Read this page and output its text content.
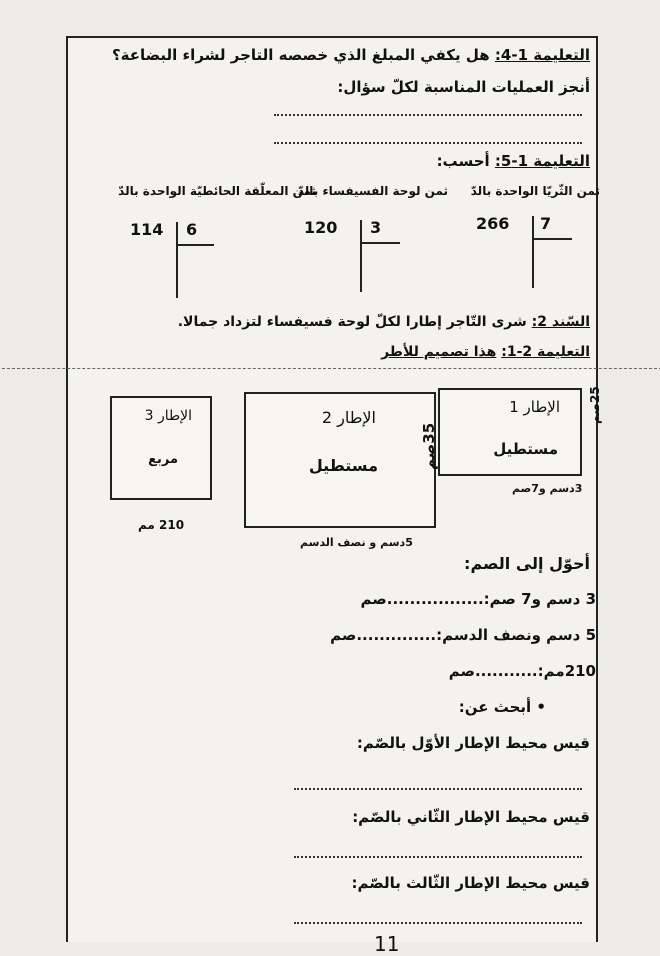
التعليمة 1-4: هل يكفي المبلغ الذي خصصه التاجر لشراء البضاعة؟
أنجز العمليات المناسبة لكلّ سؤال:
التعليمة 1-5: أحسب:
ثمن الثّريّا الواحدة بالدّ
ثمن لوحة الفسيفساء بالدّ
ثمن المعلّقة الحائطيّة الواحدة بالدّ
266 7
120 3
114 6
السّند 2: شرى التّاجر إطارا لكلّ لوحة فسيفساء لتزداد جمالا.
التعليمة 2-1: هذا تصميم للأطر
الإطار 1
مستطيل
25صم
3دسم و7صم
الإطار 2
مستطيل	35صم
5دسم و نصف الدسم
الإطار 3
مربع
210 مم
أحوّل إلى الصم:
3 دسم و7 صم:.................صم
5 دسم ونصف الدسم:..............صم
210مم:...........صم
• أبحث عن:
قيس محيط الإطار الأوّل بالصّم:
قيس محيط الإطار الثّاني بالصّم:
قيس محيط الإطار الثّالث بالصّم:
11
